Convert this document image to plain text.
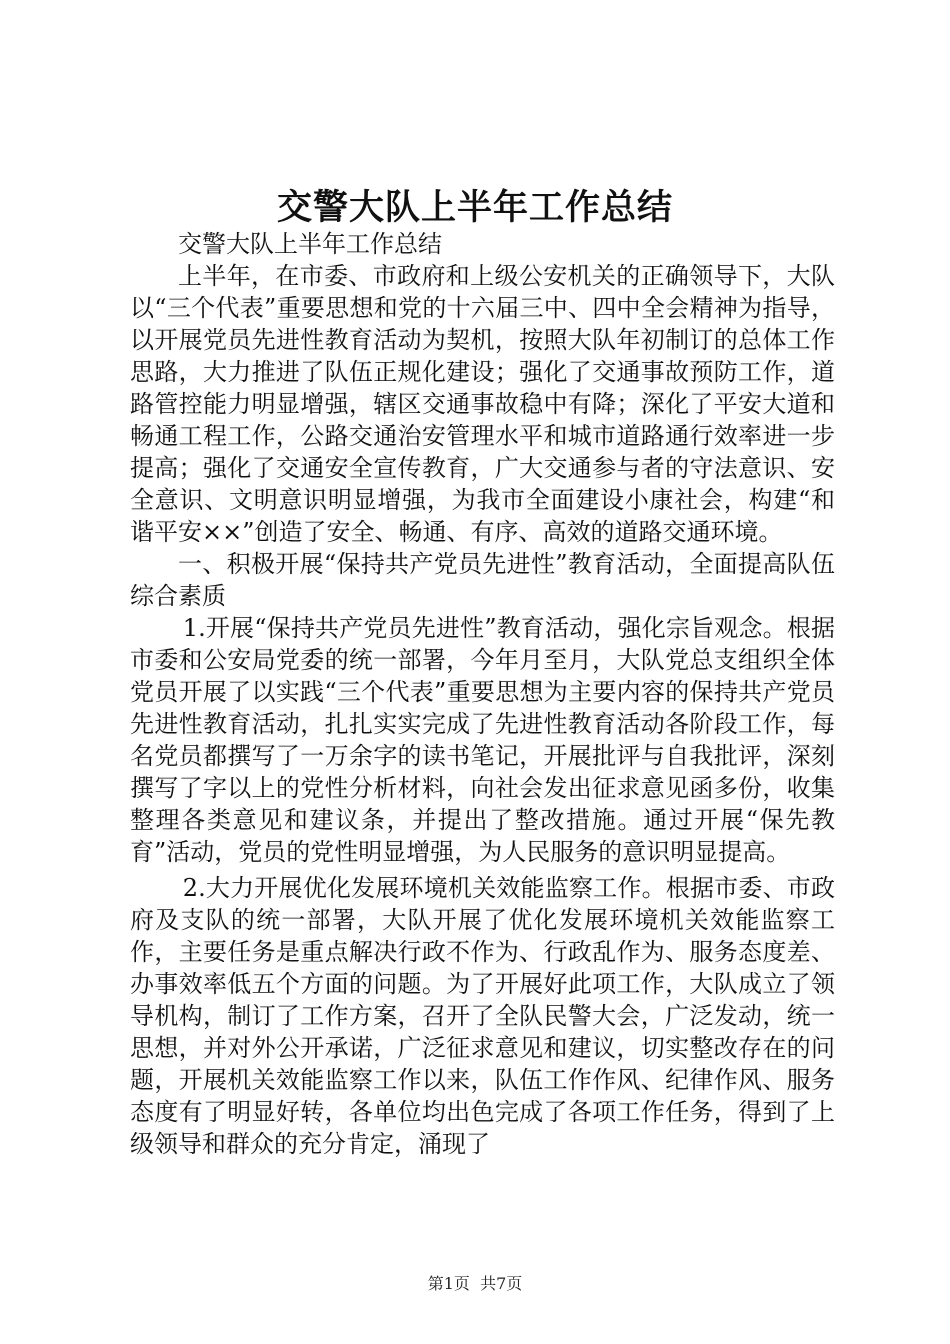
交警大队上半年工作总结

交警大队上半年工作总结

上半年，在市委、市政府和上级公安机关的正确领导下，大队以“三个代表”重要思想和党的十六届三中、四中全会精神为指导，以开展党员先进性教育活动为契机，按照大队年初制订的总体工作思路，大力推进了队伍正规化建设；强化了交通事故预防工作，道路管控能力明显增强，辖区交通事故稳中有降；深化了平安大道和畅通工程工作，公路交通治安管理水平和城市道路通行效率进一步提高；强化了交通安全宣传教育，广大交通参与者的守法意识、安全意识、文明意识明显增强，为我市全面建设小康社会，构建“和谐平安××”创造了安全、畅通、有序、高效的道路交通环境。

一、积极开展“保持共产党员先进性”教育活动，全面提高队伍综合素质

1.开展“保持共产党员先进性”教育活动，强化宗旨观念。根据市委和公安局党委的统一部署，今年月至月，大队党总支组织全体党员开展了以实践“三个代表”重要思想为主要内容的保持共产党员先进性教育活动，扎扎实实完成了先进性教育活动各阶段工作，每名党员都撰写了一万余字的读书笔记，开展批评与自我批评，深刻撰写了字以上的党性分析材料，向社会发出征求意见函多份，收集整理各类意见和建议条，并提出了整改措施。通过开展“保先教育”活动，党员的党性明显增强，为人民服务的意识明显提高。

2.大力开展优化发展环境机关效能监察工作。根据市委、市政府及支队的统一部署，大队开展了优化发展环境机关效能监察工作，主要任务是重点解决行政不作为、行政乱作为、服务态度差、办事效率低五个方面的问题。为了开展好此项工作，大队成立了领导机构，制订了工作方案，召开了全队民警大会，广泛发动，统一思想，并对外公开承诺，广泛征求意见和建议，切实整改存在的问题，开展机关效能监察工作以来，队伍工作作风、纪律作风、服务态度有了明显好转，各单位均出色完成了各项工作任务，得到了上级领导和群众的充分肯定，涌现了

第1页  共7页
